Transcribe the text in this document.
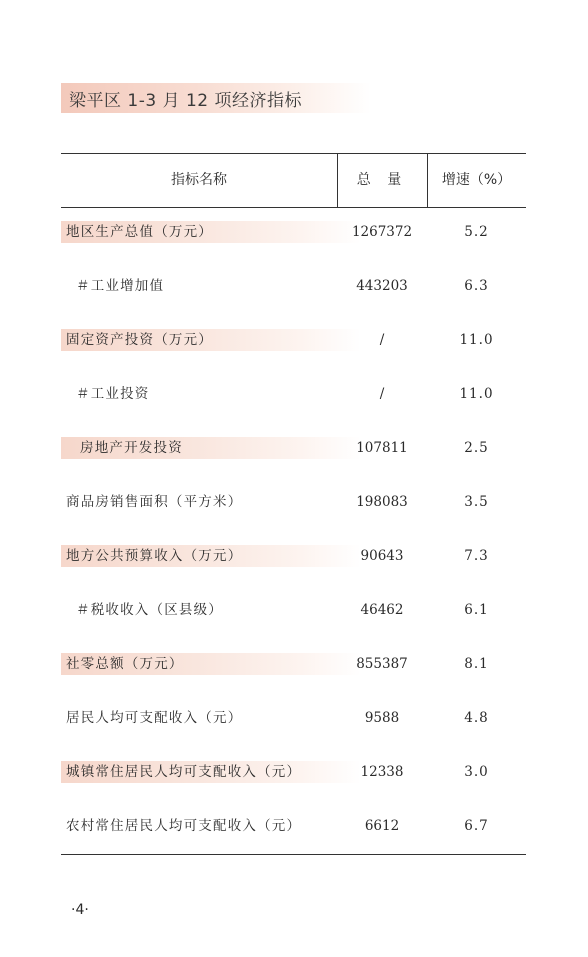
梁平区 1-3 月 12 项经济指标
指标名称	总 量	增速（%）
地区生产总值（万元）	1267372	5.2
＃工业增加值	443203	6.3
固定资产投资（万元）	/	11.0
＃工业投资	/	11.0
房地产开发投资	107811	2.5
商品房销售面积（平方米）	198083	3.5
地方公共预算收入（万元）	90643	7.3
＃税收收入（区县级）	46462	6.1
社零总额（万元）	855387	8.1
居民人均可支配收入（元）	9588	4.8
城镇常住居民人均可支配收入（元）	12338	3.0
农村常住居民人均可支配收入（元）	6612	6.7
·4·
